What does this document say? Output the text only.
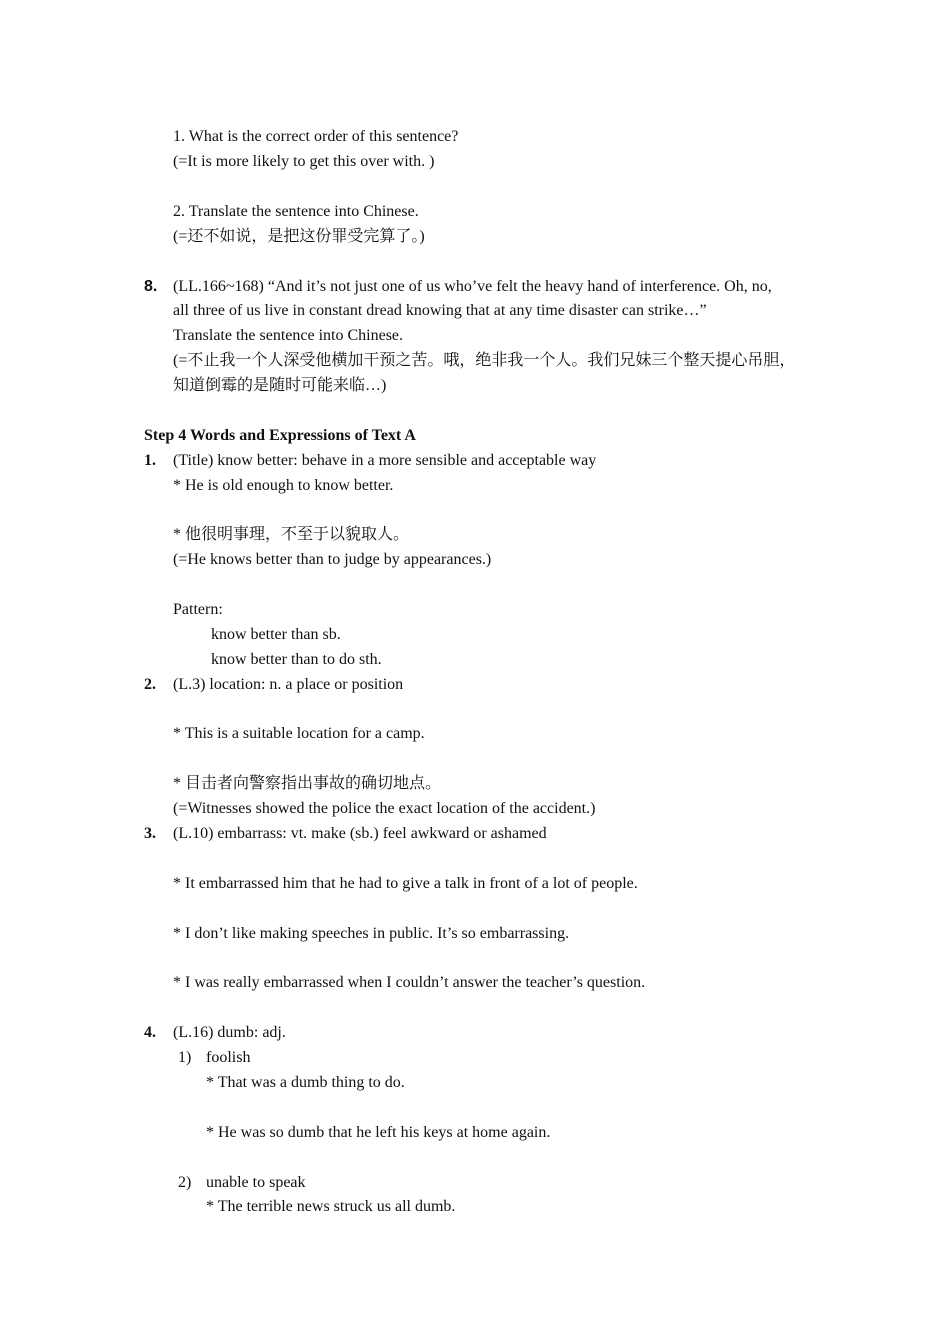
1. What is the correct order of this sentence?
(=It is more likely to get this over with. )
2. Translate the sentence into Chinese.
(=还不如说，是把这份罪受完算了。)
8. (LL.166~168) “And it’s not just one of us who’ve felt the heavy hand of interference. Oh, no,
all three of us live in constant dread knowing that at any time disaster can strike…”
Translate the sentence into Chinese.
(=不止我一个人深受他横加干预之苦。哦，绝非我一个人。我们兄妹三个整天提心吊胆，
知道倒霉的是随时可能来临…)
Step 4 Words and Expressions of Text A
1. (Title) know better: behave in a more sensible and acceptable way
* He is old enough to know better.
* 他很明事理，不至于以貌取人。
(=He knows better than to judge by appearances.)
Pattern:
know better than sb.
know better than to do sth.
2. (L.3) location: n. a place or position
* This is a suitable location for a camp.
* 目击者向警察指出事故的确切地点。
(=Witnesses showed the police the exact location of the accident.)
3. (L.10) embarrass: vt. make (sb.) feel awkward or ashamed
* It embarrassed him that he had to give a talk in front of a lot of people.
* I don’t like making speeches in public. It’s so embarrassing.
* I was really embarrassed when I couldn’t answer the teacher’s question.
4. (L.16) dumb: adj.
1) foolish
* That was a dumb thing to do.
* He was so dumb that he left his keys at home again.
2) unable to speak
* The terrible news struck us all dumb.
